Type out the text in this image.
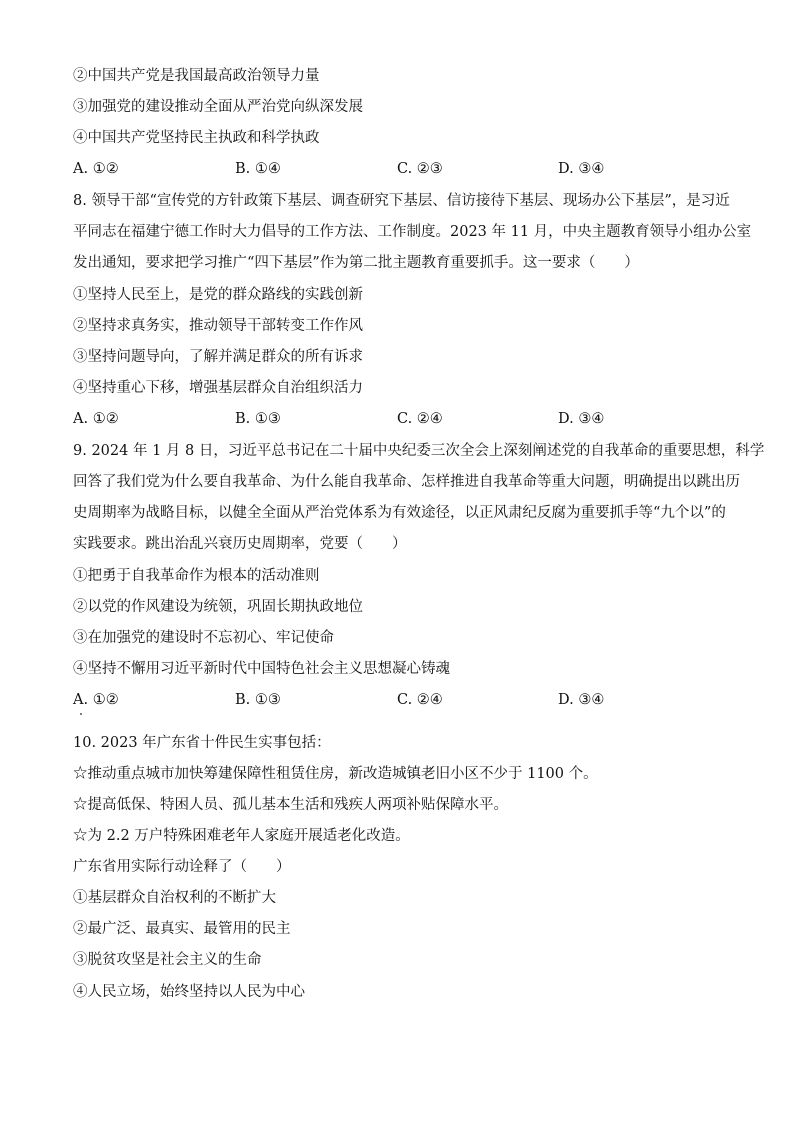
②中国共产党是我国最高政治领导力量
③加强党的建设推动全面从严治党向纵深发展
④中国共产党坚持民主执政和科学执政
A. ①②	B. ①④	C. ②③	D. ③④
8. 领导干部“宣传党的方针政策下基层、调查研究下基层、信访接待下基层、现场办公下基层”，是习近
平同志在福建宁德工作时大力倡导的工作方法、工作制度。2023 年 11 月，中央主题教育领导小组办公室
发出通知，要求把学习推广“四下基层”作为第二批主题教育重要抓手。这一要求（　　）
①坚持人民至上，是党的群众路线的实践创新
②坚持求真务实，推动领导干部转变工作作风
③坚持问题导向，了解并满足群众的所有诉求
④坚持重心下移，增强基层群众自治组织活力
A. ①②	B. ①③	C. ②④	D. ③④
9. 2024 年 1 月 8 日，习近平总书记在二十届中央纪委三次全会上深刻阐述党的自我革命的重要思想，科学
回答了我们党为什么要自我革命、为什么能自我革命、怎样推进自我革命等重大问题，明确提出以跳出历
史周期率为战略目标，以健全全面从严治党体系为有效途径，以正风肃纪反腐为重要抓手等“九个以”的
实践要求。跳出治乱兴衰历史周期率，党要（　　）
①把勇于自我革命作为根本的活动准则
②以党的作风建设为统领，巩固长期执政地位
③在加强党的建设时不忘初心、牢记使命
④坚持不懈用习近平新时代中国特色社会主义思想凝心铸魂
A. ①②	B. ①③	C. ②④	D. ③④
10. 2023 年广东省十件民生实事包括：
☆推动重点城市加快筹建保障性租赁住房，新改造城镇老旧小区不少于 1100 个。
☆提高低保、特困人员、孤儿基本生活和残疾人两项补贴保障水平。
☆为 2.2 万户特殊困难老年人家庭开展适老化改造。
广东省用实际行动诠释了（　　）
①基层群众自治权利的不断扩大
②最广泛、最真实、最管用的民主
③脱贫攻坚是社会主义的生命
④人民立场，始终坚持以人民为中心
